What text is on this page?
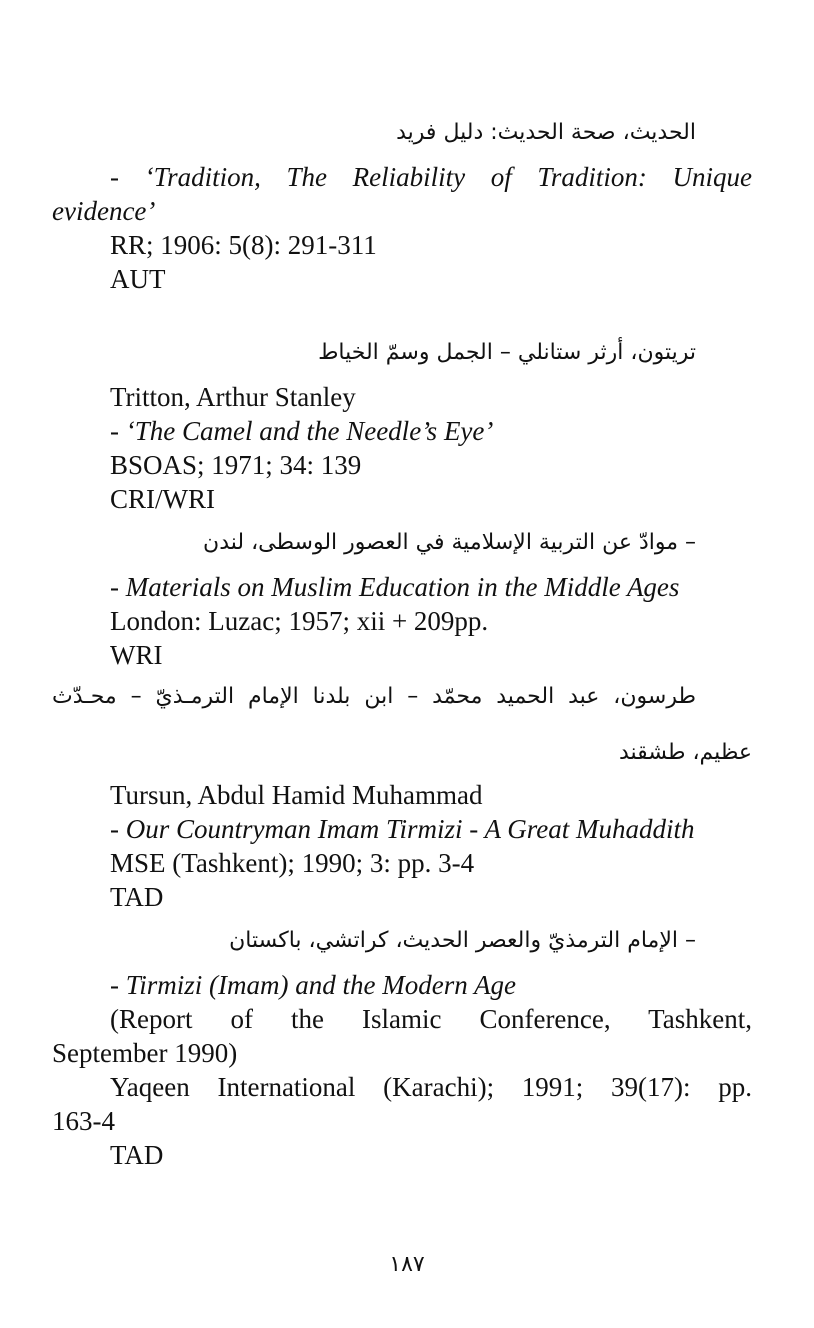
الحديث، صحة الحديث: دليل فريد
- ‘Tradition, The Reliability of Tradition: Unique
evidence’
RR; 1906: 5(8): 291-311
AUT
تريتون، أرثر ستانلي – الجمل وسمّ الخياط
Tritton, Arthur Stanley
- ‘The Camel and the Needle’s Eye’
BSOAS; 1971; 34: 139
CRI/WRI
– موادّ عن التربية الإسلامية في العصور الوسطى، لندن
- Materials on Muslim Education in the Middle Ages
London: Luzac; 1957; xii + 209pp.
WRI
طرسون، عبد الحميد محمّد – ابن بلدنا الإمام الترمـذيّ – محـدّث
عظيم، طشقند
Tursun, Abdul Hamid Muhammad
- Our Countryman Imam Tirmizi - A Great Muhaddith
MSE (Tashkent); 1990; 3: pp. 3-4
TAD
– الإمام الترمذيّ والعصر الحديث، كراتشي، باكستان
- Tirmizi (Imam) and the Modern Age
(Report of the Islamic Conference, Tashkent,
September 1990)
Yaqeen International (Karachi); 1991; 39(17): pp.
163-4
TAD
١٨٧
